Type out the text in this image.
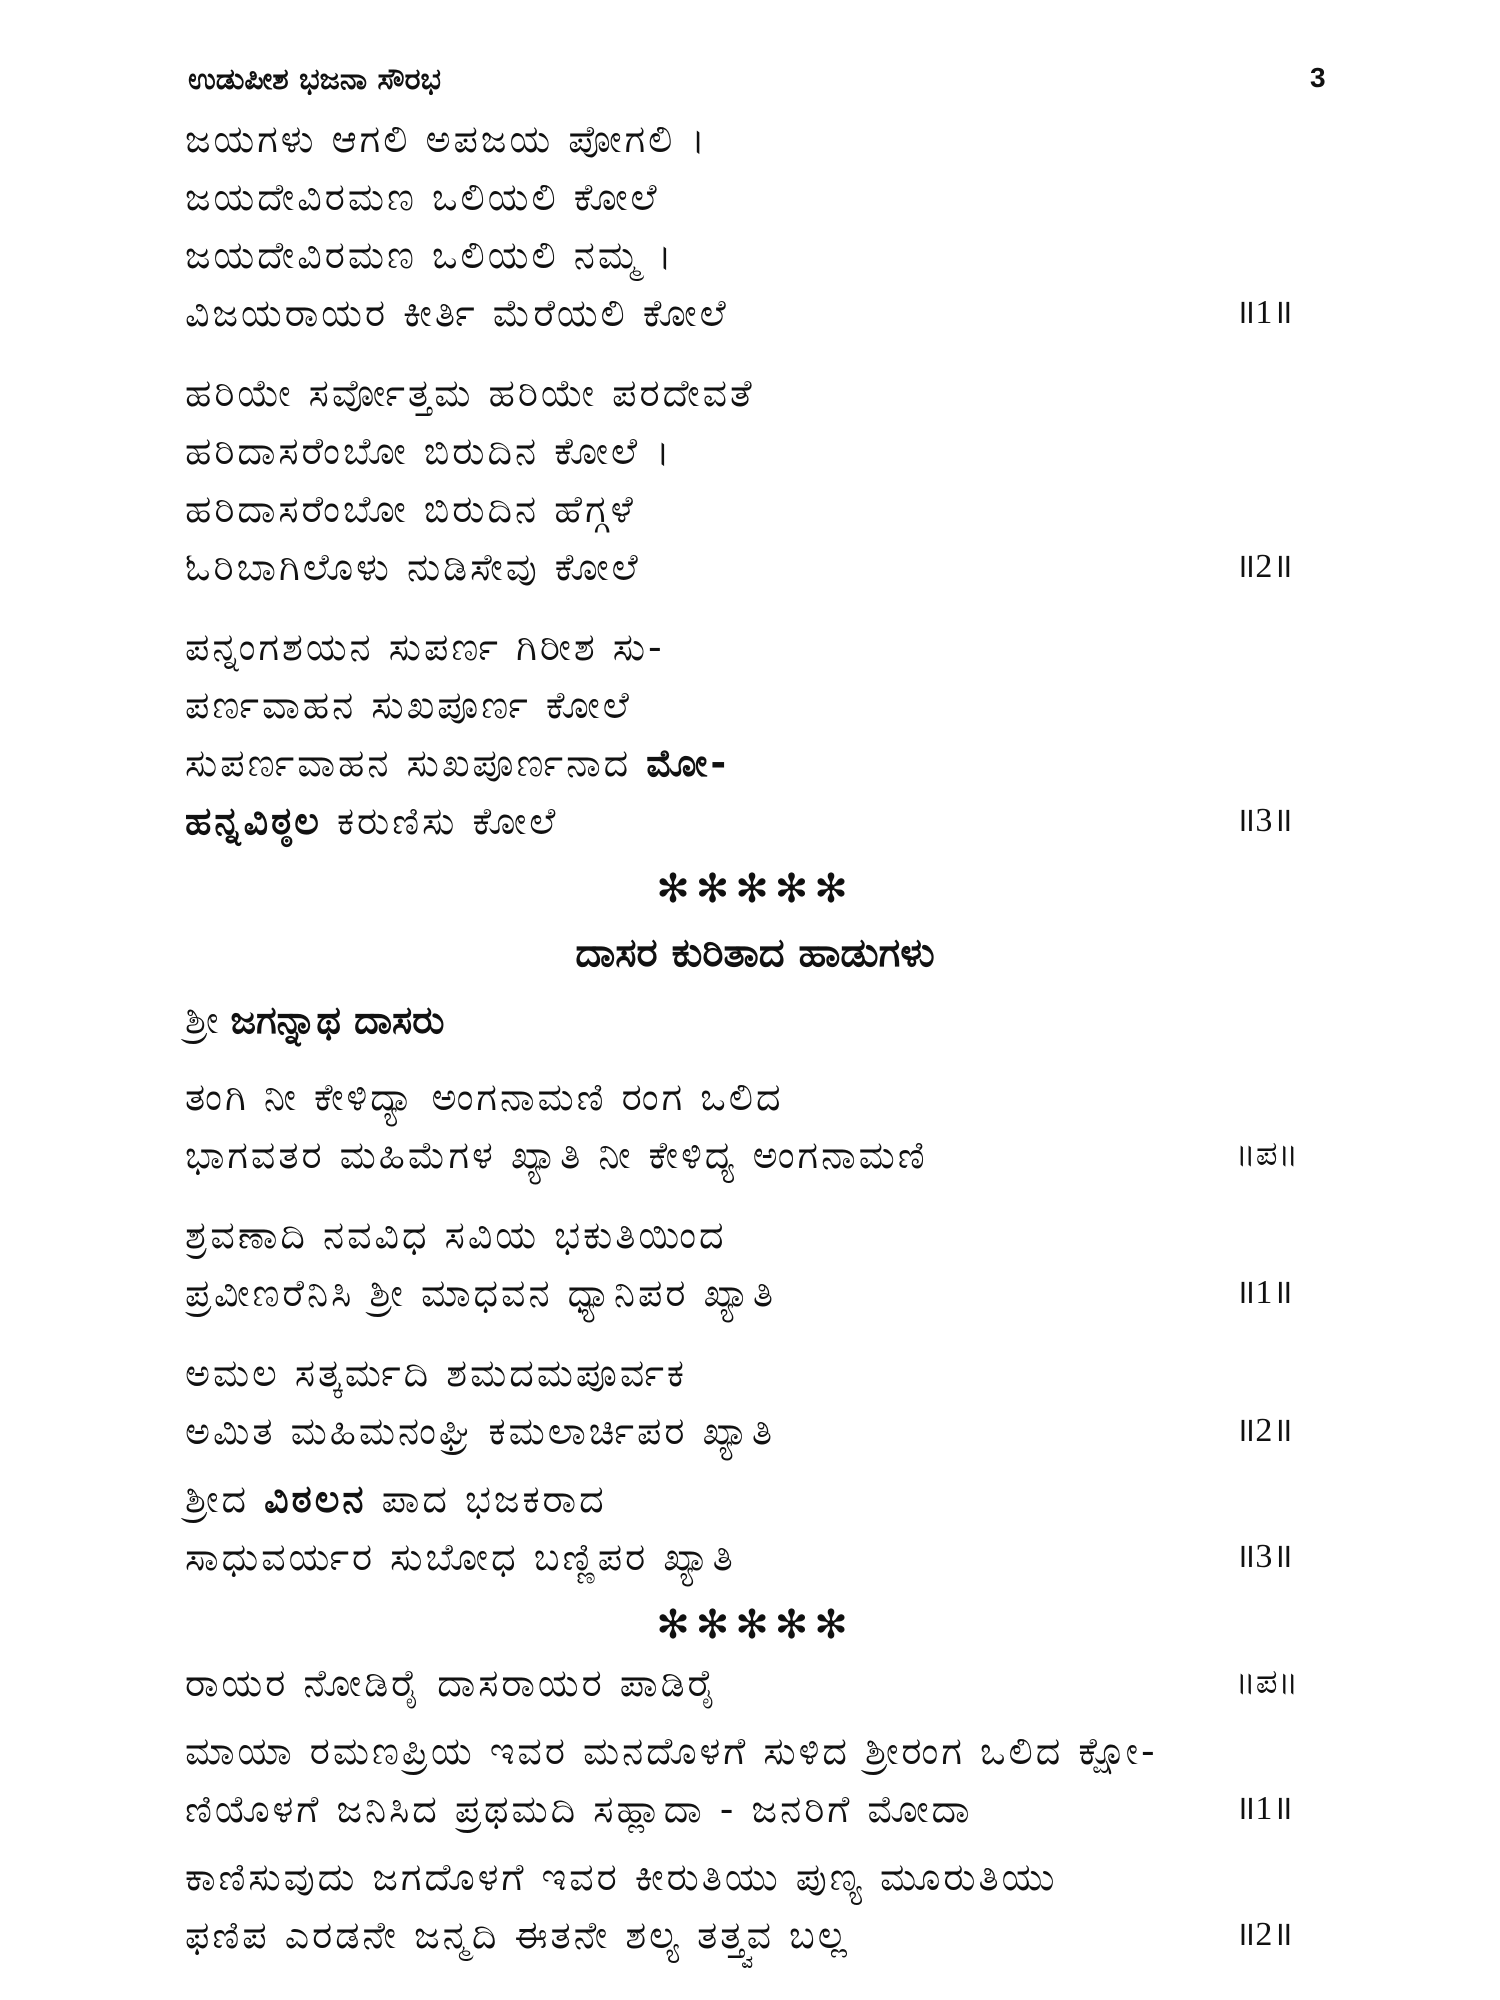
ಉಡುಪೀಶ ಭಜನಾ ಸೌರಭ	3
ಜಯಗಳು ಆಗಲಿ ಅಪಜಯ ಪೋಗಲಿ ।
ಜಯದೇವಿರಮಣ ಒಲಿಯಲಿ ಕೋಲೆ
ಜಯದೇವಿರಮಣ ಒಲಿಯಲಿ ನಮ್ಮ ।
ವಿಜಯರಾಯರ ಕೀರ್ತಿ ಮೆರೆಯಲಿ ಕೋಲೆ	॥1॥
ಹರಿಯೇ ಸರ್ವೋತ್ತಮ ಹರಿಯೇ ಪರದೇವತೆ
ಹರಿದಾಸರೆಂಬೋ ಬಿರುದಿನ ಕೋಲೆ ।
ಹರಿದಾಸರೆಂಬೋ ಬಿರುದಿನ ಹೆಗ್ಗಳೆ
ಓರಿಬಾಗಿಲೊಳು ನುಡಿಸೇವು ಕೋಲೆ	॥2॥
ಪನ್ನಂಗಶಯನ ಸುಪರ್ಣ ಗಿರೀಶ ಸು-
ಪರ್ಣವಾಹನ ಸುಖಪೂರ್ಣ ಕೋಲೆ
ಸುಪರ್ಣವಾಹನ ಸುಖಪೂರ್ಣನಾದ ಮೋ-
ಹನ್ನವಿಠ್ಠಲ ಕರುಣಿಸು ಕೋಲೆ	॥3॥
✻✻✻✻✻
ದಾಸರ ಕುರಿತಾದ ಹಾಡುಗಳು
ಶ್ರೀ ಜಗನ್ನಾಥ ದಾಸರು
ತಂಗಿ ನೀ ಕೇಳಿದ್ಯಾ ಅಂಗನಾಮಣಿ ರಂಗ ಒಲಿದ
ಭಾಗವತರ ಮಹಿಮೆಗಳ ಖ್ಯಾತಿ ನೀ ಕೇಳಿದ್ಯ ಅಂಗನಾಮಣಿ	॥ಪ॥
ಶ್ರವಣಾದಿ ನವವಿಧ ಸವಿಯ ಭಕುತಿಯಿಂದ
ಪ್ರವೀಣರೆನಿಸಿ ಶ್ರೀ ಮಾಧವನ ಧ್ಯಾನಿಪರ ಖ್ಯಾತಿ	॥1॥
ಅಮಲ ಸತ್ಕರ್ಮದಿ ಶಮದಮಪೂರ್ವಕ
ಅಮಿತ ಮಹಿಮನಂಘ್ರಿ ಕಮಲಾರ್ಚಿಪರ ಖ್ಯಾತಿ	॥2॥
ಶ್ರೀದ ವಿಠಲನ ಪಾದ ಭಜಕರಾದ
ಸಾಧುವರ್ಯರ ಸುಬೋಧ ಬಣ್ಣಿಪರ ಖ್ಯಾತಿ	॥3॥
✻✻✻✻✻
ರಾಯರ ನೋಡಿರೈ ದಾಸರಾಯರ ಪಾಡಿರೈ	॥ಪ॥
ಮಾಯಾ ರಮಣಪ್ರಿಯ ಇವರ ಮನದೊಳಗೆ ಸುಳಿದ ಶ್ರೀರಂಗ ಒಲಿದ ಕ್ಷೋ-
ಣಿಯೊಳಗೆ ಜನಿಸಿದ ಪ್ರಥಮದಿ ಸಹ್ಲಾದಾ - ಜನರಿಗೆ ಮೋದಾ	॥1॥
ಕಾಣಿಸುವುದು ಜಗದೊಳಗೆ ಇವರ ಕೀರುತಿಯು ಪುಣ್ಯ ಮೂರುತಿಯು
ಫಣಿಪ ಎರಡನೇ ಜನ್ಮದಿ ಈತನೇ ಶಲ್ಯ ತತ್ತ್ವವ ಬಲ್ಲ	॥2॥
